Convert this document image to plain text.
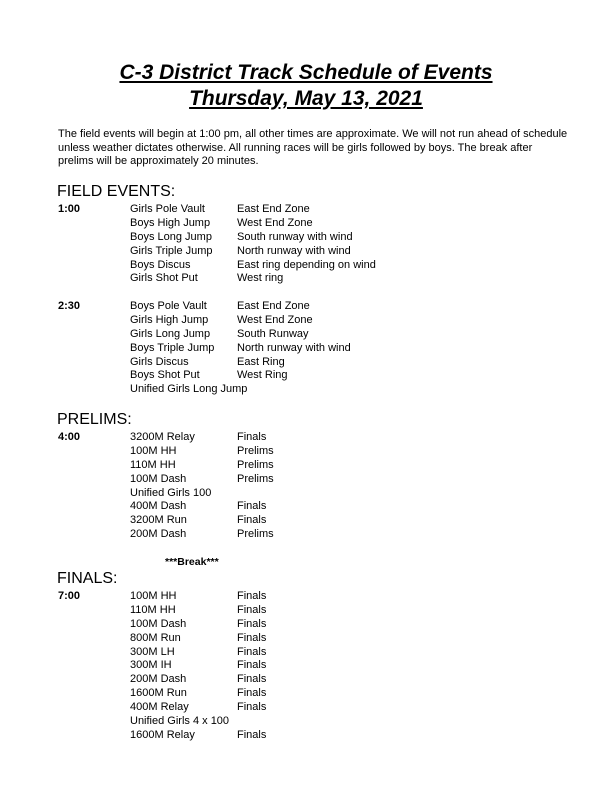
C-3 District Track Schedule of Events

Thursday, May 13, 2021

The field events will begin at 1:00 pm, all other times are approximate. We will not run ahead of schedule unless weather dictates otherwise. All running races will be girls followed by boys. The break after prelims will be approximately 20 minutes.

FIELD EVENTS:

1:00	Girls Pole Vault	East End Zone
Boys High Jump West End Zone
Boys Long Jump South runway with wind
Girls Triple Jump North runway with wind
Boys Discus	East ring depending on wind
Girls Shot Put	West ring
2:30	Boys Pole Vault	East End Zone
Girls High Jump	West End Zone
Girls Long Jump South Runway
Boys Triple Jump North runway with wind
Girls Discus	East Ring
Boys Shot Put	West Ring
Unified Girls Long Jump

PRELIMS:

4:00	3200M Relay	Finals
100M HH	Prelims
110M HH	Prelims
100M Dash	Prelims
Unified Girls 100
400M Dash	Finals
3200M Run	Finals
200M Dash	Prelims
***Break***

FINALS:

7:00	100M HH	Finals
110M HH	Finals
100M Dash	Finals
800M Run	Finals
300M LH	Finals
300M IH	Finals
200M Dash	Finals
1600M Run	Finals
400M Relay	Finals
Unified Girls 4 x 100
1600M Relay	Finals
